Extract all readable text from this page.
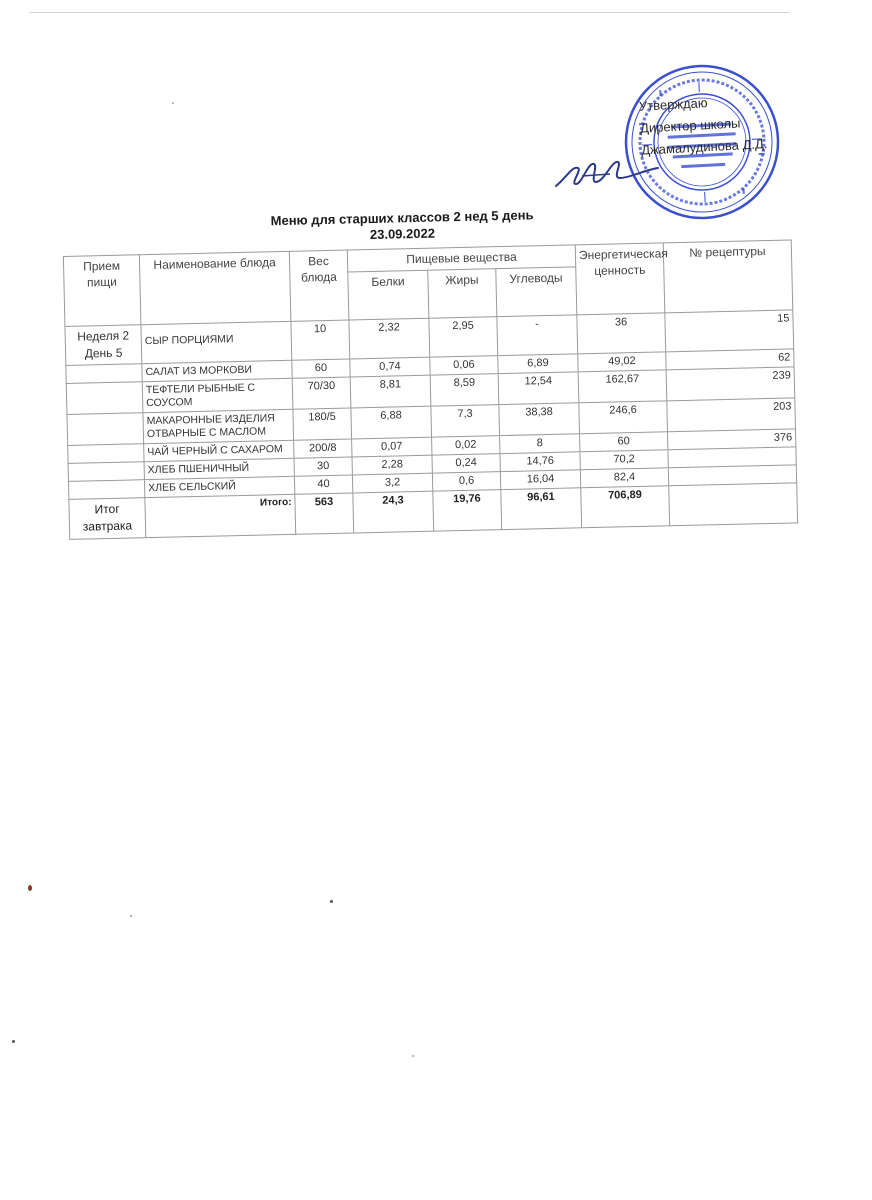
Утверждаю
Директор школы
Джамалудинова Д.Д.
Меню для старших классов 2 нед 5 день
23.09.2022
Прием пищи	Наименование блюда	Вес блюда	Пищевые вещества			Энергетическая ценность	№ рецептуры
			Белки	Жиры	Углеводы		
Неделя 2 День 5	СЫР ПОРЦИЯМИ	10	2,32	2,95	-	36	15
	САЛАТ ИЗ МОРКОВИ	60	0,74	0,06	6,89	49,02	62
	ТЕФТЕЛИ РЫБНЫЕ С СОУСОМ	70/30	8,81	8,59	12,54	162,67	239
	МАКАРОННЫЕ ИЗДЕЛИЯ ОТВАРНЫЕ С МАСЛОМ	180/5	6,88	7,3	38,38	246,6	203
	ЧАЙ ЧЕРНЫЙ С САХАРОМ	200/8	0,07	0,02	8	60	376
	ХЛЕБ ПШЕНИЧНЫЙ	30	2,28	0,24	14,76	70,2	
	ХЛЕБ СЕЛЬСКИЙ	40	3,2	0,6	16,04	82,4	
Итог завтрака	Итого:	563	24,3	19,76	96,61	706,89	
